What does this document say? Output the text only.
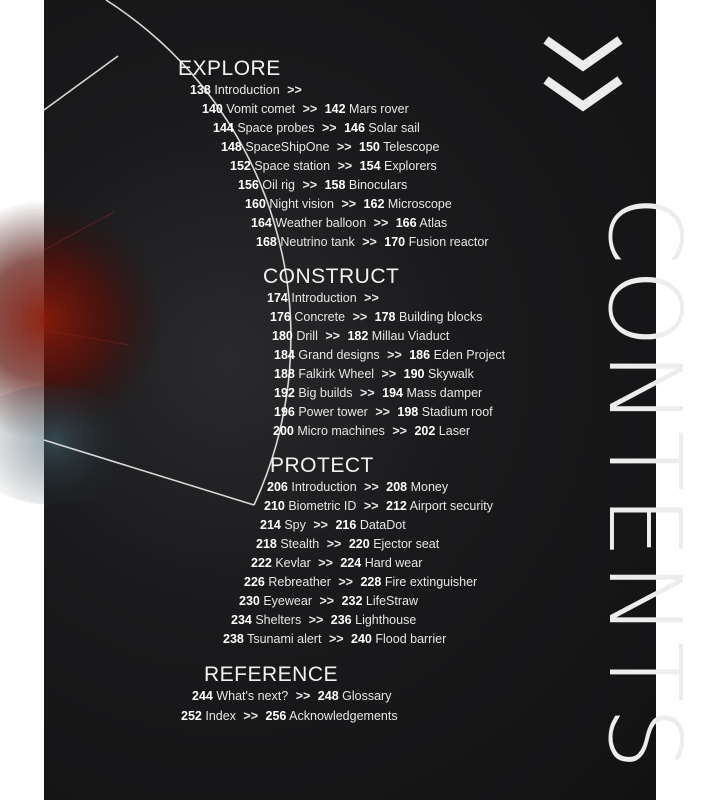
CONTENTS
EXPLORE
138 Introduction >>
140 Vomit comet >> 142 Mars rover
144 Space probes >> 146 Solar sail
148 SpaceShipOne >> 150 Telescope
152 Space station >> 154 Explorers
156 Oil rig >> 158 Binoculars
160 Night vision >> 162 Microscope
164 Weather balloon >> 166 Atlas
168 Neutrino tank >> 170 Fusion reactor
CONSTRUCT
174 Introduction >>
176 Concrete >> 178 Building blocks
180 Drill >> 182 Millau Viaduct
184 Grand designs >> 186 Eden Project
188 Falkirk Wheel >> 190 Skywalk
192 Big builds >> 194 Mass damper
196 Power tower >> 198 Stadium roof
200 Micro machines >> 202 Laser
PROTECT
206 Introduction >> 208 Money
210 Biometric ID >> 212 Airport security
214 Spy >> 216 DataDot
218 Stealth >> 220 Ejector seat
222 Kevlar >> 224 Hard wear
226 Rebreather >> 228 Fire extinguisher
230 Eyewear >> 232 LifeStraw
234 Shelters >> 236 Lighthouse
238 Tsunami alert >> 240 Flood barrier
REFERENCE
244 What's next? >> 248 Glossary
252 Index >> 256 Acknowledgements
